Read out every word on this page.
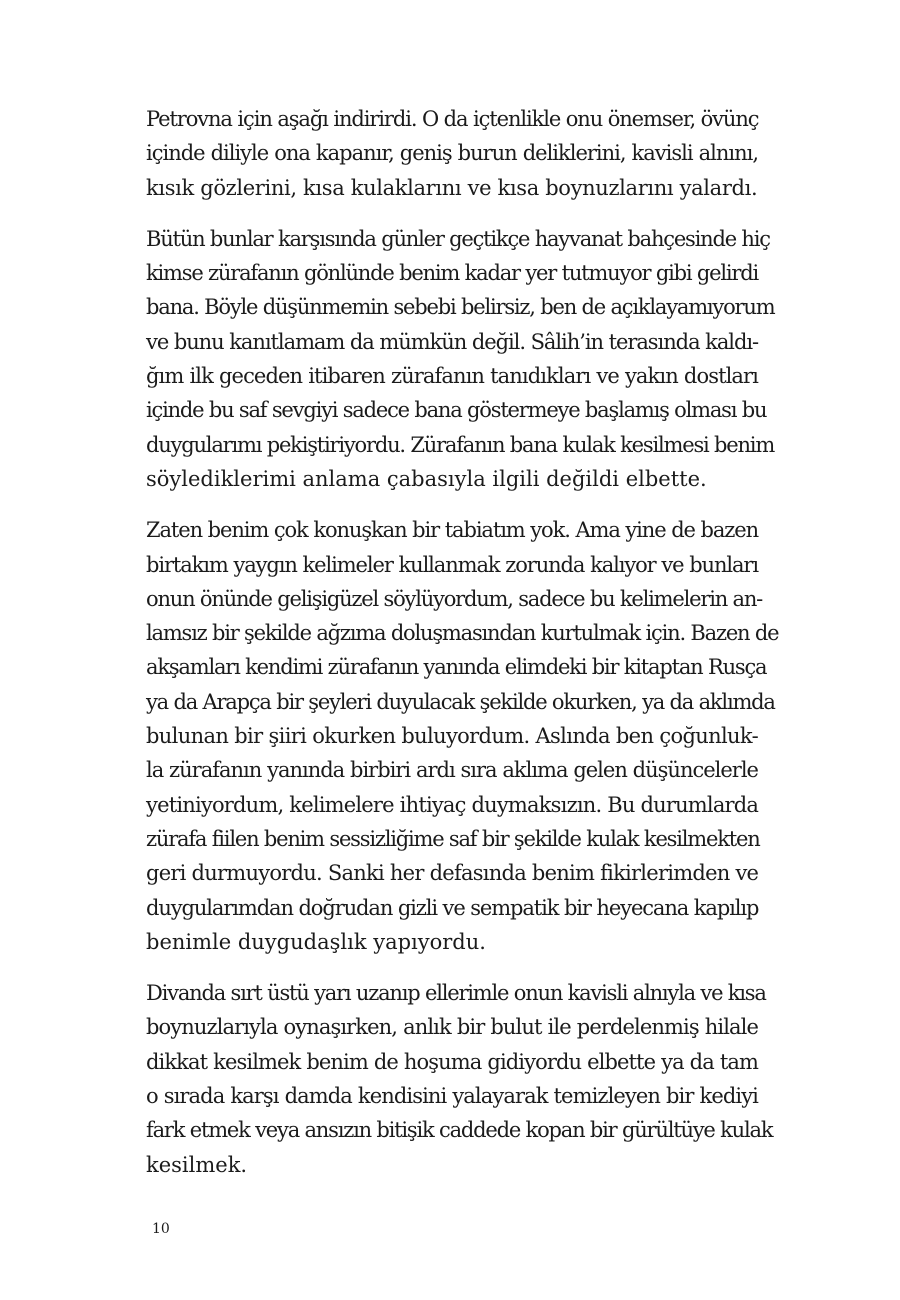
Petrovna için aşağı indirirdi. O da içtenlikle onu önemser, övünç
içinde diliyle ona kapanır, geniş burun deliklerini, kavisli alnını,
kısık gözlerini, kısa kulaklarını ve kısa boynuzlarını yalardı.
Bütün bunlar karşısında günler geçtikçe hayvanat bahçesinde hiç
kimse zürafanın gönlünde benim kadar yer tutmuyor gibi gelirdi
bana. Böyle düşünmemin sebebi belirsiz, ben de açıklayamıyorum
ve bunu kanıtlamam da mümkün değil. Sâlih’in terasında kaldı-
ğım ilk geceden itibaren zürafanın tanıdıkları ve yakın dostları
içinde bu saf sevgiyi sadece bana göstermeye başlamış olması bu
duygularımı pekiştiriyordu. Zürafanın bana kulak kesilmesi benim
söylediklerimi anlama çabasıyla ilgili değildi elbette.
Zaten benim çok konuşkan bir tabiatım yok. Ama yine de bazen
birtakım yaygın kelimeler kullanmak zorunda kalıyor ve bunları
onun önünde gelişigüzel söylüyordum, sadece bu kelimelerin an-
lamsız bir şekilde ağzıma doluşmasından kurtulmak için. Bazen de
akşamları kendimi zürafanın yanında elimdeki bir kitaptan Rusça
ya da Arapça bir şeyleri duyulacak şekilde okurken, ya da aklımda
bulunan bir şiiri okurken buluyordum. Aslında ben çoğunluk-
la zürafanın yanında birbiri ardı sıra aklıma gelen düşüncelerle
yetiniyordum, kelimelere ihtiyaç duymaksızın. Bu durumlarda
zürafa fiilen benim sessizliğime saf bir şekilde kulak kesilmekten
geri durmuyordu. Sanki her defasında benim fikirlerimden ve
duygularımdan doğrudan gizli ve sempatik bir heyecana kapılıp
benimle duygudaşlık yapıyordu.
Divanda sırt üstü yarı uzanıp ellerimle onun kavisli alnıyla ve kısa
boynuzlarıyla oynaşırken, anlık bir bulut ile perdelenmiş hilale
dikkat kesilmek benim de hoşuma gidiyordu elbette ya da tam
o sırada karşı damda kendisini yalayarak temizleyen bir kediyi
fark etmek veya ansızın bitişik caddede kopan bir gürültüye kulak
kesilmek.
10
